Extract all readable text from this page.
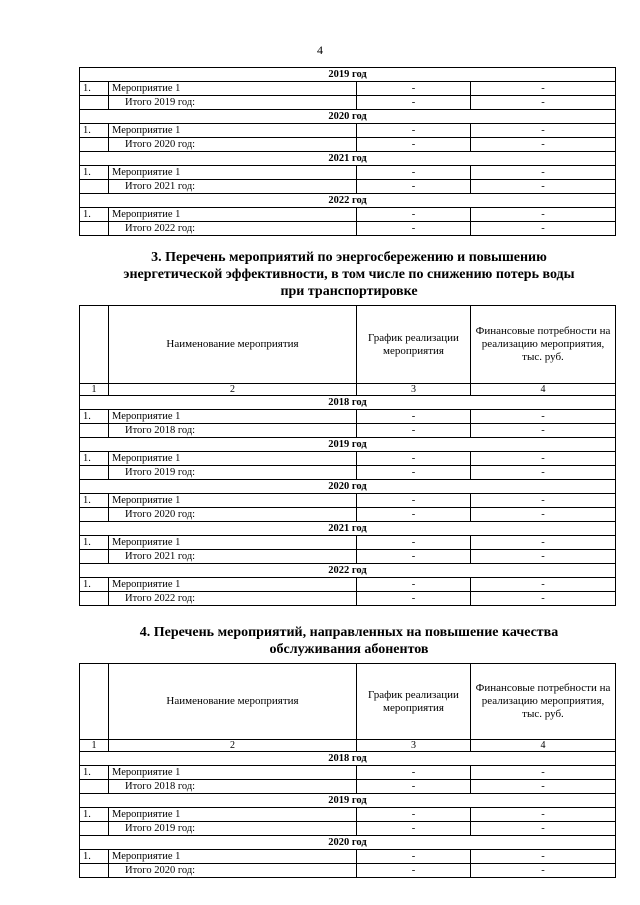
4
2019 год			
1.	Мероприятие 1	-	-
	Итого 2019 год:	-	-
2020 год			
1.	Мероприятие 1	-	-
	Итого 2020 год:	-	-
2021 год			
1.	Мероприятие 1	-	-
	Итого 2021 год:	-	-
2022 год			
1.	Мероприятие 1	-	-
	Итого 2022 год:	-	-
3. Перечень мероприятий по энергосбережению и повышению
энергетической эффективности, в том числе по снижению потерь воды
при транспортировке
	Наименование мероприятия	График реализации мероприятия	Финансовые потребности на реализацию мероприятия, тыс. руб.
1	2	3	4
2018 год			
1.	Мероприятие 1	-	-
	Итого 2018 год:	-	-
2019 год			
1.	Мероприятие 1	-	-
	Итого 2019 год:	-	-
2020 год			
1.	Мероприятие 1	-	-
	Итого 2020 год:	-	-
2021 год			
1.	Мероприятие 1	-	-
	Итого 2021 год:	-	-
2022 год			
1.	Мероприятие 1	-	-
	Итого 2022 год:	-	-
4. Перечень мероприятий, направленных на повышение качества
обслуживания абонентов
	Наименование мероприятия	График реализации мероприятия	Финансовые потребности на реализацию мероприятия, тыс. руб.
1	2	3	4
2018 год			
1.	Мероприятие 1	-	-
	Итого 2018 год:	-	-
2019 год			
1.	Мероприятие 1	-	-
	Итого 2019 год:	-	-
2020 год			
1.	Мероприятие 1	-	-
	Итого 2020 год:	-	-
